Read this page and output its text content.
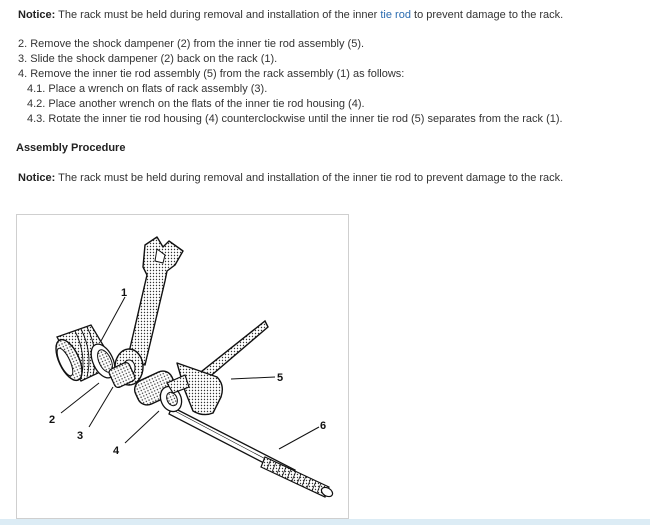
Notice: The rack must be held during removal and installation of the inner tie rod to prevent damage to the rack.

2. Remove the shock dampener (2) from the inner tie rod assembly (5).
3. Slide the shock dampener (2) back on the rack (1).
4. Remove the inner tie rod assembly (5) from the rack assembly (1) as follows:
4.1. Place a wrench on flats of rack assembly (3).
4.2. Place another wrench on the flats of the inner tie rod housing (4).
4.3. Rotate the inner tie rod housing (4) counterclockwise until the inner tie rod (5) separates from the rack (1).
Assembly Procedure

Notice: The rack must be held during removal and installation of the inner tie rod to prevent damage to the rack.

1
2
3
4
5
6
